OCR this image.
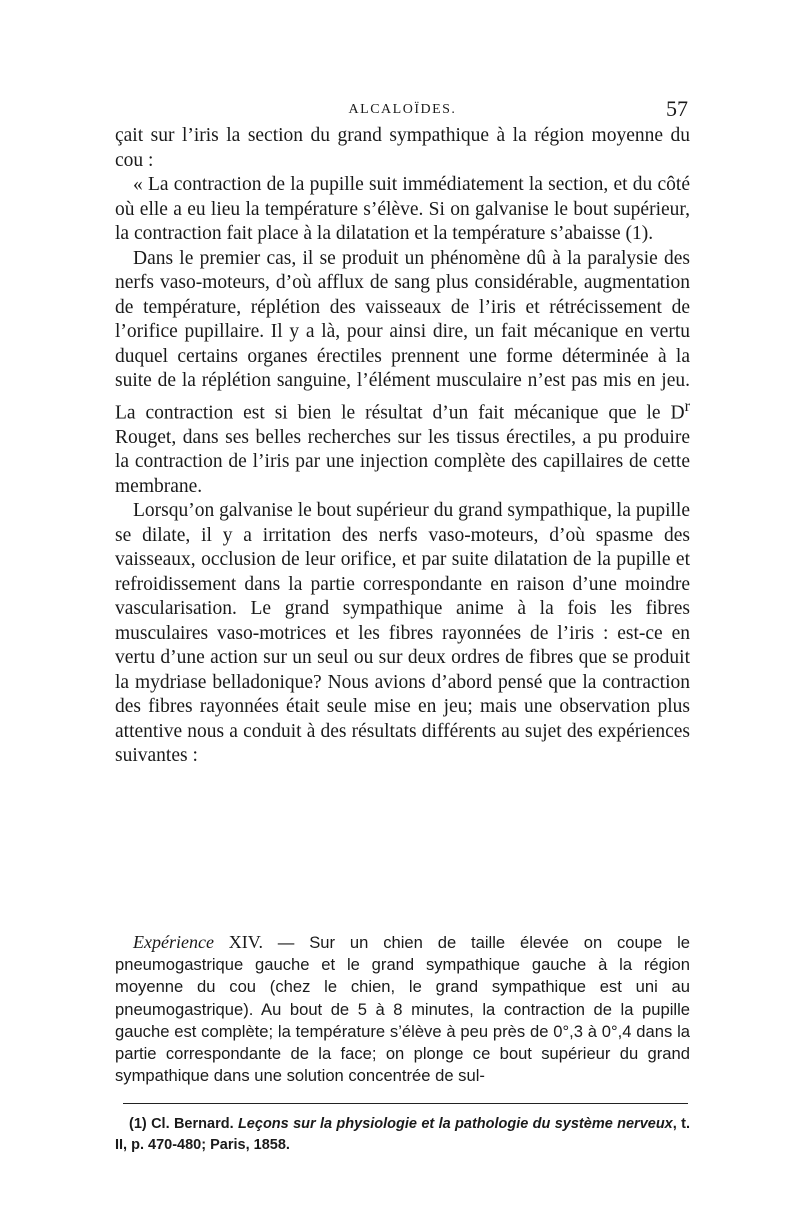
ALCALOÏDES.	57

çait sur l’iris la section du grand sympathique à la région moyenne du cou :

« La contraction de la pupille suit immédiatement la section, et du côté où elle a eu lieu la température s’élève. Si on galvanise le bout supérieur, la contraction fait place à la dilatation et la température s’abaisse (1).

Dans le premier cas, il se produit un phénomène dû à la paralysie des nerfs vaso-moteurs, d’où afflux de sang plus considérable, augmentation de température, réplétion des vaisseaux de l’iris et rétrécissement de l’orifice pupillaire. Il y a là, pour ainsi dire, un fait mécanique en vertu duquel certains organes érectiles prennent une forme déterminée à la suite de la réplétion sanguine, l’élément musculaire n’est pas mis en jeu. La contraction est si bien le résultat d’un fait mécanique que le $D^r$ Rouget, dans ses belles recherches sur les tissus érectiles, a pu produire la contraction de l’iris par une injection complète des capillaires de cette membrane.

Lorsqu’on galvanise le bout supérieur du grand sympathique, la pupille se dilate, il y a irritation des nerfs vaso-moteurs, d’où spasme des vaisseaux, occlusion de leur orifice, et par suite dilatation de la pupille et refroidissement dans la partie correspondante en raison d’une moindre vascularisation. Le grand sympathique anime à la fois les fibres musculaires vaso-motrices et les fibres rayonnées de l’iris : est-ce en vertu d’une action sur un seul ou sur deux ordres de fibres que se produit la mydriase belladonique? Nous avions d’abord pensé que la contraction des fibres rayonnées était seule mise en jeu; mais une observation plus attentive nous a conduit à des résultats différents au sujet des expériences suivantes :

Expérience XIV. — Sur un chien de taille élevée on coupe le pneumogastrique gauche et le grand sympathique gauche à la région moyenne du cou (chez le chien, le grand sympathique est uni au pneumogastrique). Au bout de 5 à 8 minutes, la contraction de la pupille gauche est complète; la température s’élève à peu près de 0°,3 à 0°,4 dans la partie correspondante de la face; on plonge ce bout supérieur du grand sympathique dans une solution concentrée de sul-

(1) Cl. Bernard. Leçons sur la physiologie et la pathologie du système nerveux, t. II, p. 470-480; Paris, 1858.
